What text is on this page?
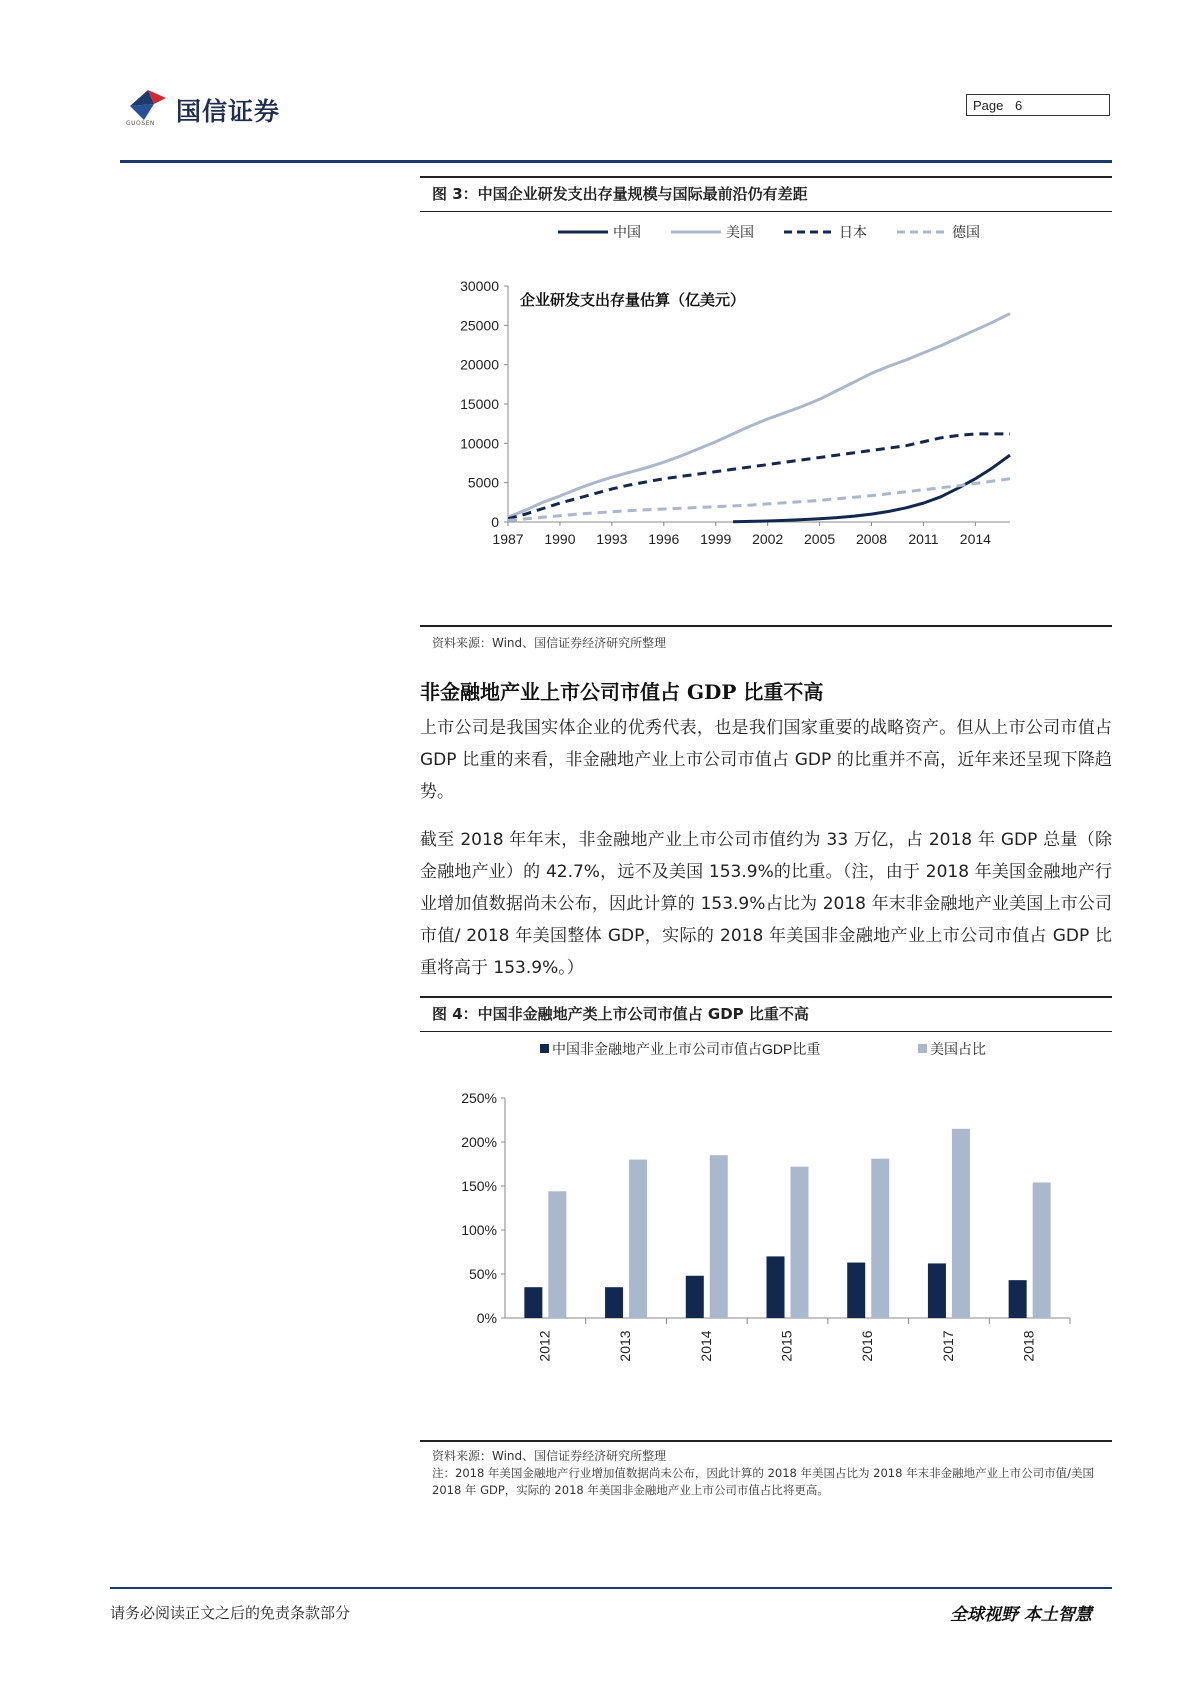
国信证券
GUOSEN
Page 6
图 3：中国企业研发支出存量规模与国际最前沿仍有差距
中国	美国	日本	德国
企业研发支出存量估算（亿美元）
0
5000
10000
15000
20000
25000
30000
1987 1990 1993 1996 1999 2002 2005 2008 2011 2014
资料来源：Wind、国信证券经济研究所整理
非金融地产业上市公司市值占 GDP 比重不高
上市公司是我国实体企业的优秀代表，也是我们国家重要的战略资产。但从上市公司市值占 GDP 比重的来看，非金融地产业上市公司市值占 GDP 的比重并不高，近年来还呈现下降趋势。
截至 2018 年年末，非金融地产业上市公司市值约为 33 万亿，占 2018 年 GDP 总量（除金融地产业）的 42.7%，远不及美国 153.9%的比重。（注，由于 2018 年美国金融地产行业增加值数据尚未公布，因此计算的 153.9%占比为 2018 年末非金融地产业美国上市公司市值/ 2018 年美国整体 GDP，实际的 2018 年美国非金融地产业上市公司市值占 GDP 比重将高于 153.9%。）
图 4：中国非金融地产类上市公司市值占 GDP 比重不高
中国非金融地产业上市公司市值占GDP比重	美国占比
0%
50%
100%
150%
200%
250%
2012	2013	2014	2015	2016	2017	2018
资料来源：Wind、国信证券经济研究所整理
注：2018 年美国金融地产行业增加值数据尚未公布，因此计算的 2018 年美国占比为 2018 年末非金融地产业上市公司市值/美国 2018 年 GDP，实际的 2018 年美国非金融地产业上市公司市值占比将更高。
请务必阅读正文之后的免责条款部分	全球视野 本土智慧
